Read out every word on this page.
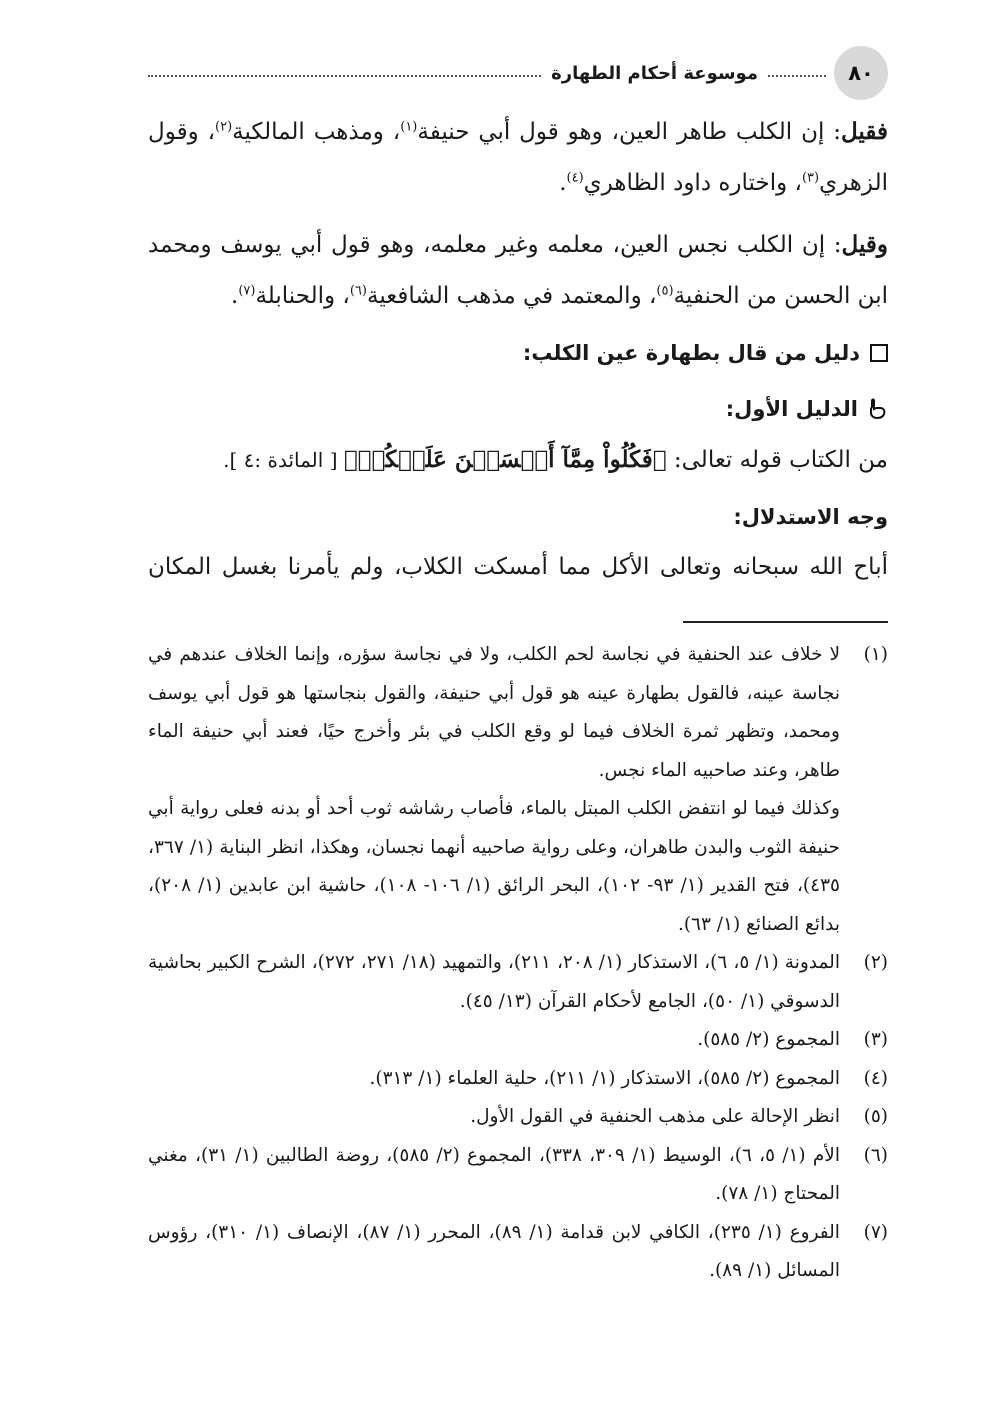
٨٠
موسوعة أحكام الطهارة

فقيل: إن الكلب طاهر العين، وهو قول أبي حنيفة$^{(١)}$، ومذهب المالكية$^{(٢)}$، وقول الزهري$^{(٣)}$، واختاره داود الظاهري$^{(٤)}$.

وقيل: إن الكلب نجس العين، معلمه وغير معلمه، وهو قول أبي يوسف ومحمد ابن الحسن من الحنفية$^{(٥)}$، والمعتمد في مذهب الشافعية$^{(٦)}$، والحنابلة$^{(٧)}$.

دليل من قال بطهارة عين الكلب:
الدليل الأول:

من الكتاب قوله تعالى: ﴿فَكُلُواْ مِمَّآ أَمۡسَكۡنَ عَلَيۡكُمۡ﴾ [ المائدة :٤ ].

وجه الاستدلال:

أباح الله سبحانه وتعالى الأكل مما أمسكت الكلاب، ولم يأمرنا بغسل المكان

(١)
لا خلاف عند الحنفية في نجاسة لحم الكلب، ولا في نجاسة سؤره، وإنما الخلاف عندهم في نجاسة عينه، فالقول بطهارة عينه هو قول أبي حنيفة، والقول بنجاستها هو قول أبي يوسف ومحمد، وتظهر ثمرة الخلاف فيما لو وقع الكلب في بئر وأخرج حيًا، فعند أبي حنيفة الماء طاهر، وعند صاحبيه الماء نجس.
وكذلك فيما لو انتفض الكلب المبتل بالماء، فأصاب رشاشه ثوب أحد أو بدنه فعلى رواية أبي حنيفة الثوب والبدن طاهران، وعلى رواية صاحبيه أنهما نجسان، وهكذا، انظر البناية (١/ ٣٦٧، ٤٣٥)، فتح القدير (١/ ٩٣- ١٠٢)، البحر الرائق (١/ ١٠٦- ١٠٨)، حاشية ابن عابدين (١/ ٢٠٨)، بدائع الصنائع (١/ ٦٣).
(٢)
المدونة (١/ ٥، ٦)، الاستذكار (١/ ٢٠٨، ٢١١)، والتمهيد (١٨/ ٢٧١، ٢٧٢)، الشرح الكبير بحاشية الدسوقي (١/ ٥٠)، الجامع لأحكام القرآن (١٣/ ٤٥).
(٣)
المجموع (٢/ ٥٨٥).
(٤)
المجموع (٢/ ٥٨٥)، الاستذكار (١/ ٢١١)، حلية العلماء (١/ ٣١٣).
(٥)
انظر الإحالة على مذهب الحنفية في القول الأول.
(٦)
الأم (١/ ٥، ٦)، الوسيط (١/ ٣٠٩، ٣٣٨)، المجموع (٢/ ٥٨٥)، روضة الطالبين (١/ ٣١)، مغني المحتاج (١/ ٧٨).
(٧)
الفروع (١/ ٢٣٥)، الكافي لابن قدامة (١/ ٨٩)، المحرر (١/ ٨٧)، الإنصاف (١/ ٣١٠)، رؤوس المسائل (١/ ٨٩).
